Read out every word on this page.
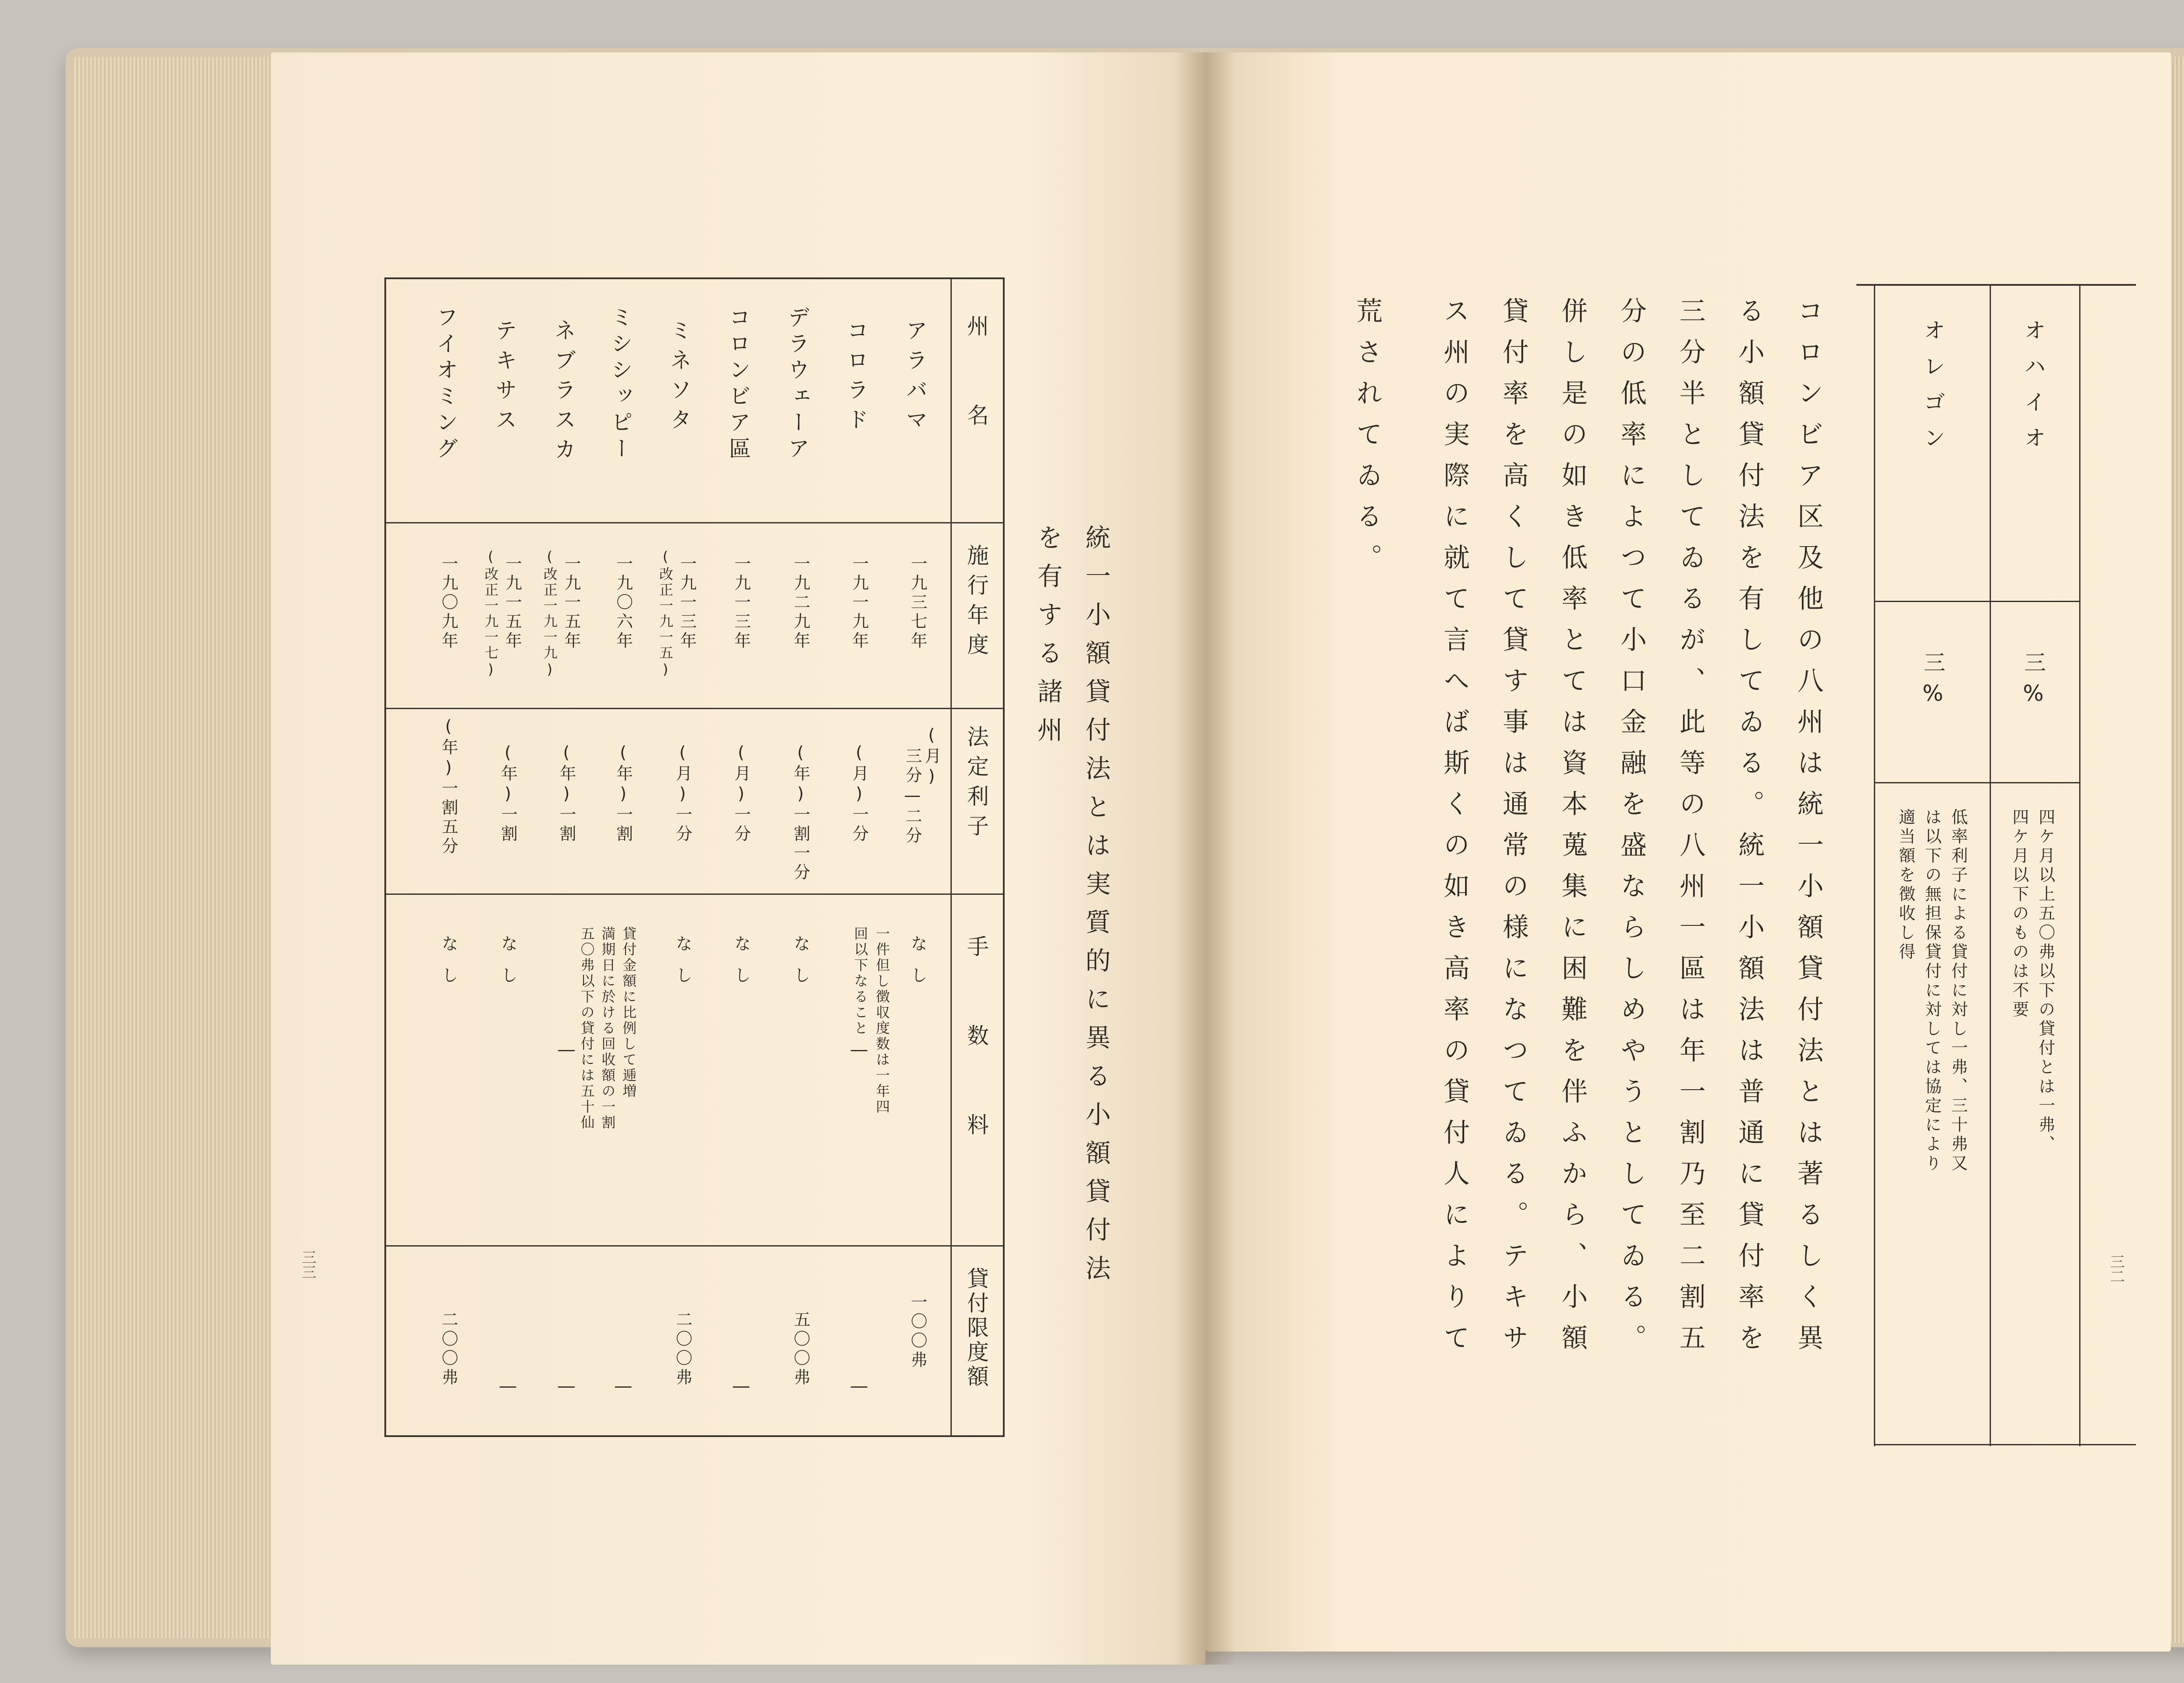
州　　名
施行年度
法定利子
手　　数　　料
貸付限度額
アラバマ
一九三七年
(月)
三分—二分
なし
一件但し徴収度数は一年四
回以下なること
一〇〇弗
コロラド
一九一九年
(月)一分
―
―
デラウェーア
一九二九年
(年)一割一分
なし
五〇〇弗
コロンビア區
一九一三年
(月)一分
なし
―
ミネソタ
一九一三年
(改正一九一五)
(月)一分
なし
二〇〇弗
ミシシッピー
一九〇六年
(年)一割
貸付金額に比例して逓増
満期日に於ける回收額の一割
五〇弗以下の貸付には五十仙
―
ネブラスカ
一九一五年
(改正一九一九)
(年)一割
―
―
テキサス
一九一五年
(改正一九一七)
(年)一割
なし
―
フイオミング
一九〇九年
(年)一割五分
なし
二〇〇弗
統一小額貸付法とは実質的に異る小額貸付法
を有する諸州
三三
オハイオ
三%
四ケ月以上五〇弗以下の貸付とは一弗、
四ケ月以下のものは不要
オレゴン
三%
低率利子による貸付に対し一弗、三十弗又
は以下の無担保貸付に対しては協定により
適当額を徴收し得
コロンビア区及他の八州は統一小額貸付法とは著るしく異
る小額貸付法を有してゐる。統一小額法は普通に貸付率を
三分半としてゐるが、此等の八州一區は年一割乃至二割五
分の低率によつて小口金融を盛ならしめやうとしてゐる。
併し是の如き低率とては資本蒐集に困難を伴ふから、小額
貸付率を高くして貸す事は通常の様になつてゐる。テキサ
ス州の実際に就て言へば斯くの如き高率の貸付人によりて
荒されてゐる。
三二
